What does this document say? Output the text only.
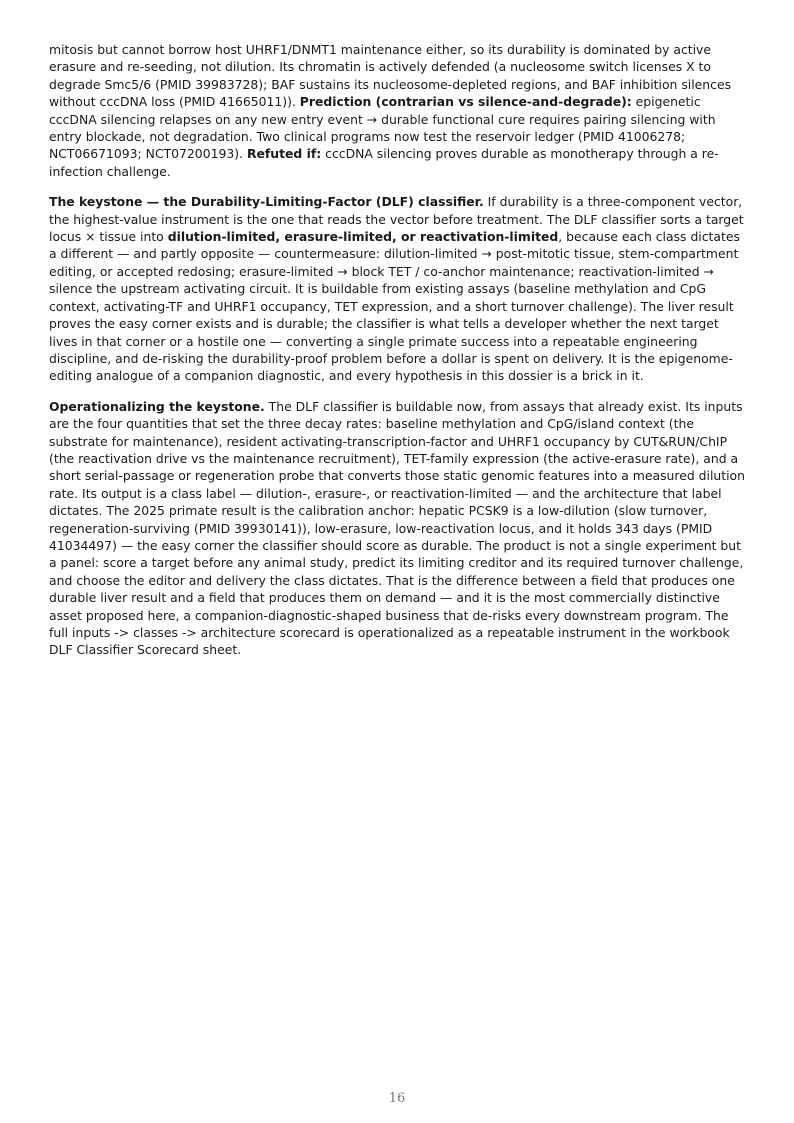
mitosis but cannot borrow host UHRF1/DNMT1 maintenance either, so its durability is dominated by active erasure and re-seeding, not dilution. Its chromatin is actively defended (a nucleosome switch licenses X to degrade Smc5/6 (PMID 39983728); BAF sustains its nucleosome-depleted regions, and BAF inhibition silences without cccDNA loss (PMID 41665011)). Prediction (contrarian vs silence-and-degrade): epigenetic cccDNA silencing relapses on any new entry event → durable functional cure requires pairing silencing with entry blockade, not degradation. Two clinical programs now test the reservoir ledger (PMID 41006278; NCT06671093; NCT07200193). Refuted if: cccDNA silencing proves durable as monotherapy through a re-infection challenge.

The keystone — the Durability-Limiting-Factor (DLF) classifier. If durability is a three-component vector, the highest-value instrument is the one that reads the vector before treatment. The DLF classifier sorts a target locus × tissue into dilution-limited, erasure-limited, or reactivation-limited, because each class dictates a different — and partly opposite — countermeasure: dilution-limited → post-mitotic tissue, stem-compartment editing, or accepted redosing; erasure-limited → block TET / co-anchor maintenance; reactivation-limited → silence the upstream activating circuit. It is buildable from existing assays (baseline methylation and CpG context, activating-TF and UHRF1 occupancy, TET expression, and a short turnover challenge). The liver result proves the easy corner exists and is durable; the classifier is what tells a developer whether the next target lives in that corner or a hostile one — converting a single primate success into a repeatable engineering discipline, and de-risking the durability-proof problem before a dollar is spent on delivery. It is the epigenome-editing analogue of a companion diagnostic, and every hypothesis in this dossier is a brick in it.

Operationalizing the keystone. The DLF classifier is buildable now, from assays that already exist. Its inputs are the four quantities that set the three decay rates: baseline methylation and CpG/island context (the substrate for maintenance), resident activating-transcription-factor and UHRF1 occupancy by CUT&RUN/ChIP (the reactivation drive vs the maintenance recruitment), TET-family expression (the active-erasure rate), and a short serial-passage or regeneration probe that converts those static genomic features into a measured dilution rate. Its output is a class label — dilution-, erasure-, or reactivation-limited — and the architecture that label dictates. The 2025 primate result is the calibration anchor: hepatic PCSK9 is a low-dilution (slow turnover, regeneration-surviving (PMID 39930141)), low-erasure, low-reactivation locus, and it holds 343 days (PMID 41034497) — the easy corner the classifier should score as durable. The product is not a single experiment but a panel: score a target before any animal study, predict its limiting creditor and its required turnover challenge, and choose the editor and delivery the class dictates. That is the difference between a field that produces one durable liver result and a field that produces them on demand — and it is the most commercially distinctive asset proposed here, a companion-diagnostic-shaped business that de-risks every downstream program. The full inputs -> classes -> architecture scorecard is operationalized as a repeatable instrument in the workbook DLF Classifier Scorecard sheet.

16
